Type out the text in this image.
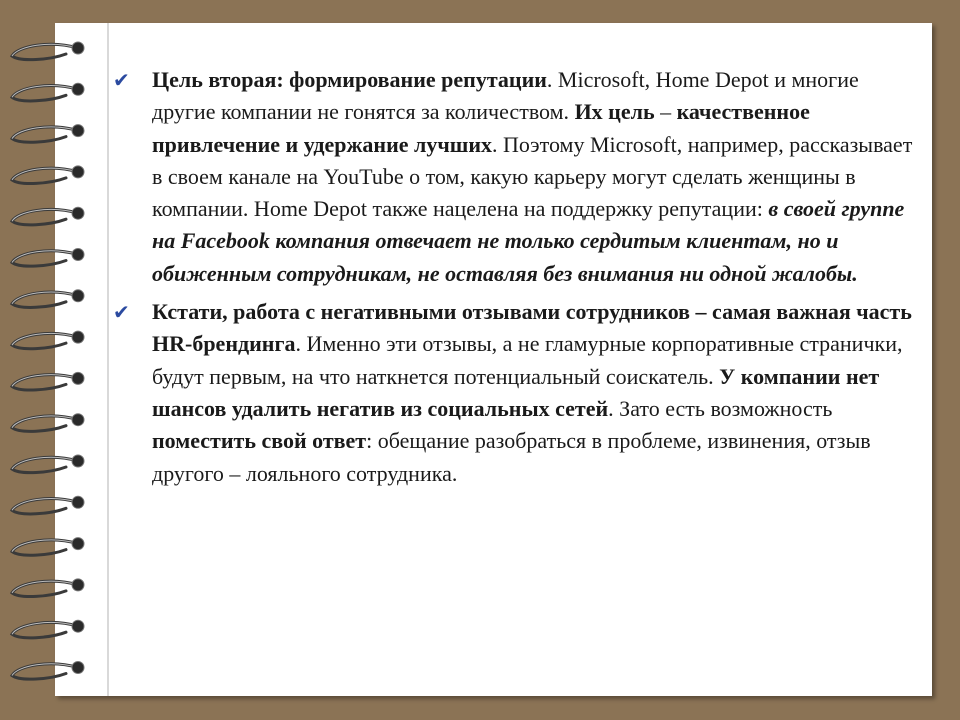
✔ Цель вторая: формирование репутации. Microsoft, Home Depot и многие другие компании не гонятся за количеством. Их цель – качественное привлечение и удержание лучших. Поэтому Microsoft, например, рассказывает в своем канале на YouTube о том, какую карьеру могут сделать женщины в компании. Home Depot также нацелена на поддержку репутации: в своей группе на Facebook компания отвечает не только сердитым клиентам, но и обиженным сотрудникам, не оставляя без внимания ни одной жалобы.

✔ Кстати, работа с негативными отзывами сотрудников – самая важная часть HR-брендинга. Именно эти отзывы, а не гламурные корпоративные странички, будут первым, на что наткнется потенциальный соискатель. У компании нет шансов удалить негатив из социальных сетей. Зато есть возможность поместить свой ответ: обещание разобраться в проблеме, извинения, отзыв другого – лояльного сотрудника.
